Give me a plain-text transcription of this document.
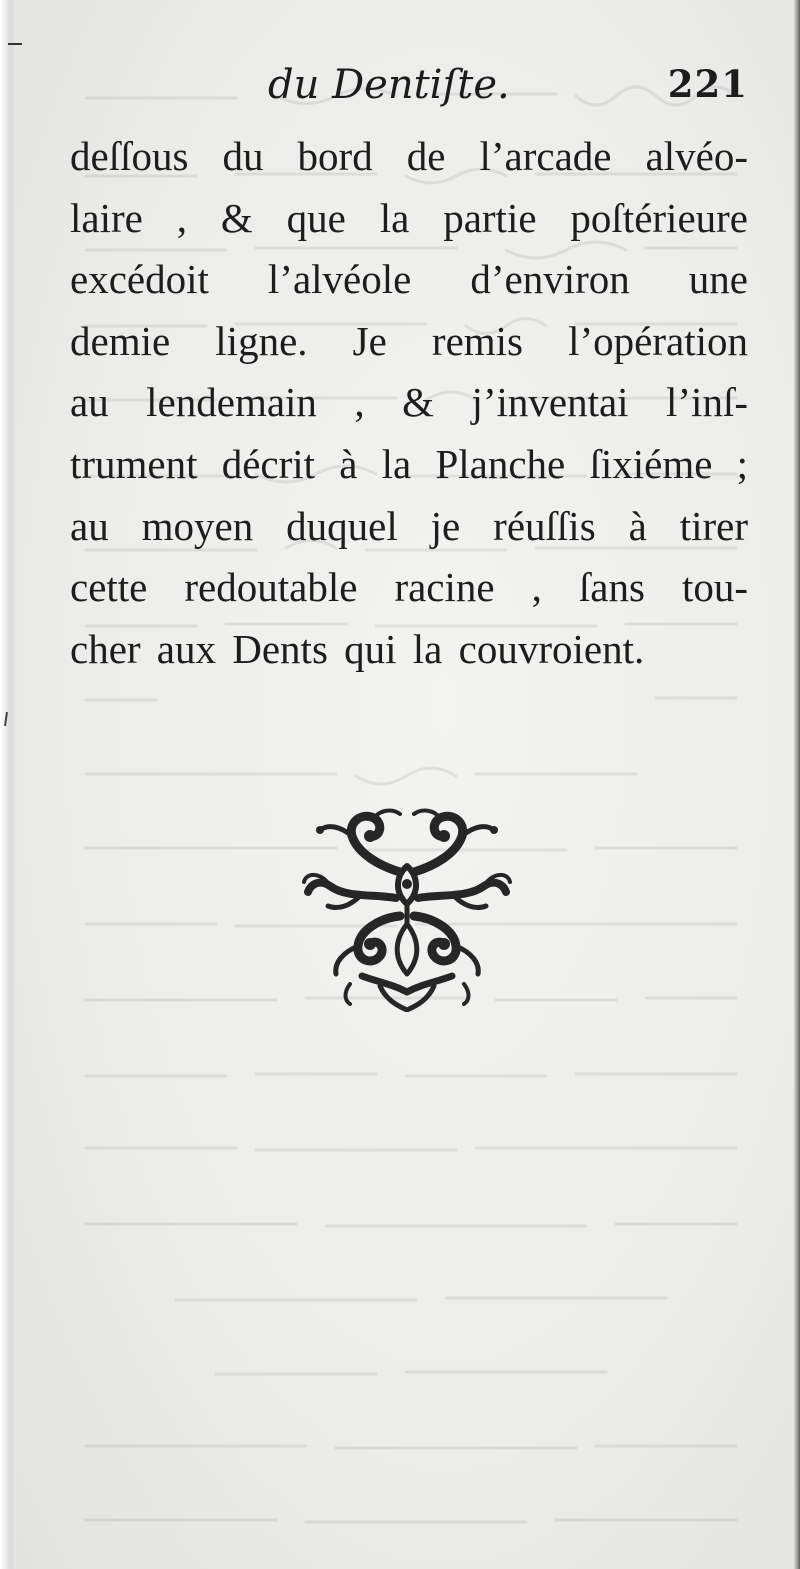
du Dentiſte.	221
deſſous du bord de l’arcade alvéo-
laire , & que la partie poſtérieure
excédoit l’alvéole d’environ une
demie ligne. Je remis l’opération
au lendemain , & j’inventai l’inſ-
trument décrit à la Planche ſixiéme ;
au moyen duquel je réuſſis à tirer
cette redoutable racine , ſans tou-
cher aux Dents qui la couvroient.
